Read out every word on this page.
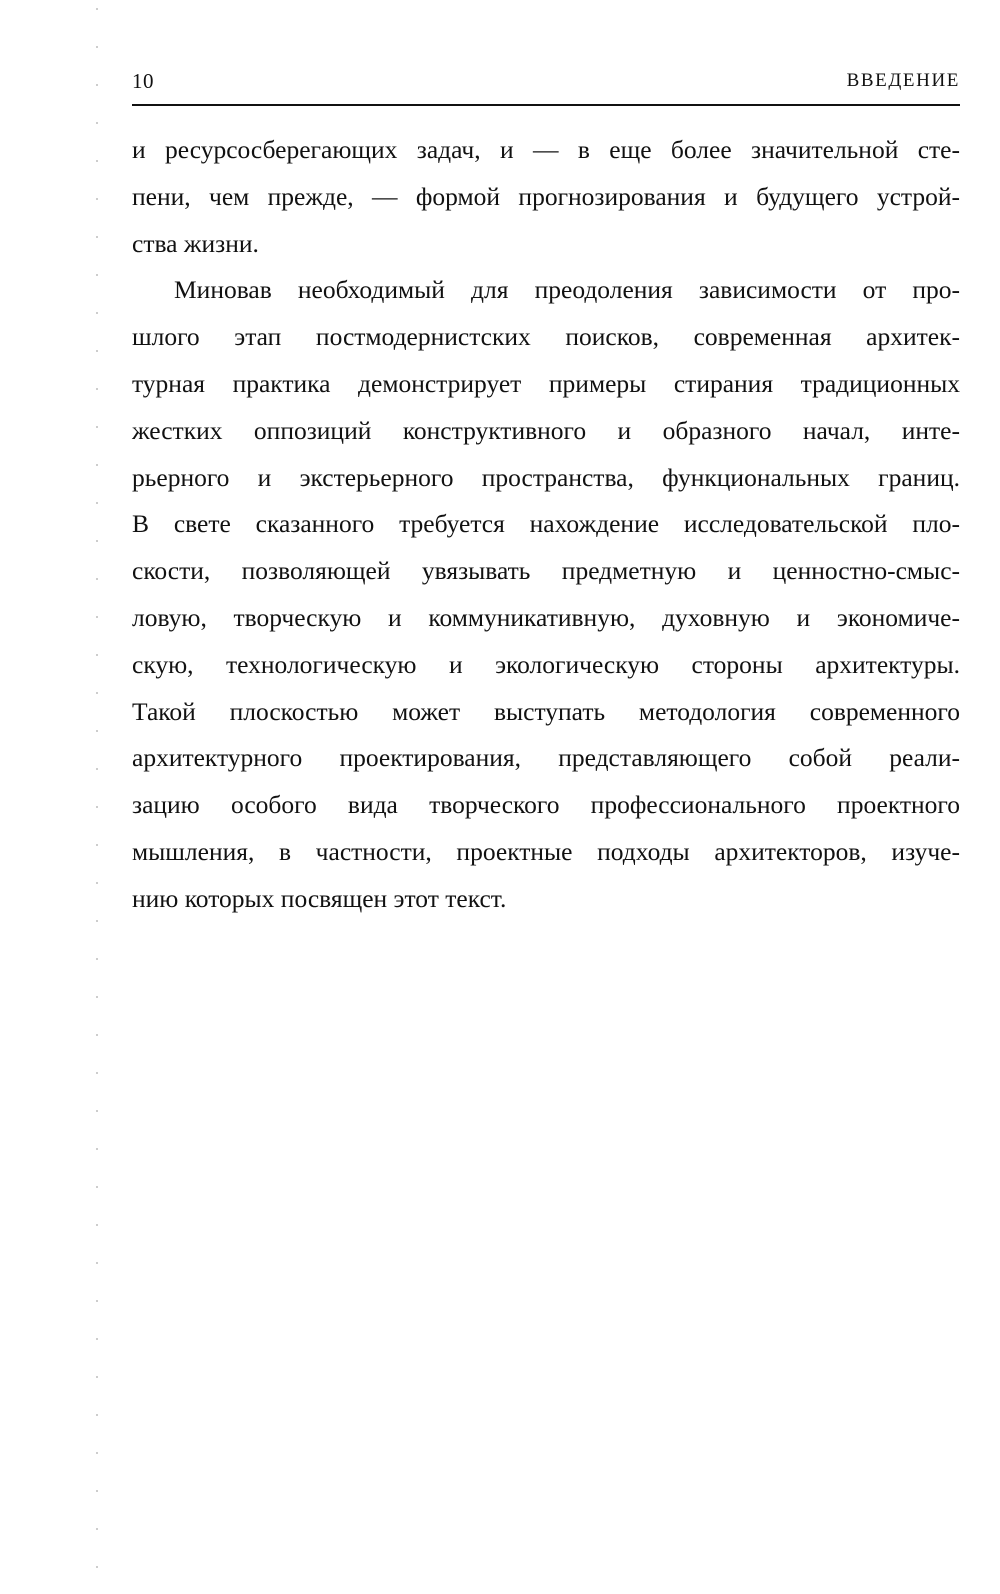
10	ВВЕДЕНИЕ
и ресурсосберегающих задач, и — в еще более значительной сте-
пени, чем прежде, — формой прогнозирования и будущего устрой-
ства жизни.
Миновав необходимый для преодоления зависимости от про-
шлого этап постмодернистских поисков, современная архитек-
турная практика демонстрирует примеры стирания традиционных
жестких оппозиций конструктивного и образного начал, инте-
рьерного и экстерьерного пространства, функциональных границ.
В свете сказанного требуется нахождение исследовательской пло-
скости, позволяющей увязывать предметную и ценностно-смыс-
ловую, творческую и коммуникативную, духовную и экономиче-
скую, технологическую и экологическую стороны архитектуры.
Такой плоскостью может выступать методология современного
архитектурного проектирования, представляющего собой реали-
зацию особого вида творческого профессионального проектного
мышления, в частности, проектные подходы архитекторов, изуче-
нию которых посвящен этот текст.
